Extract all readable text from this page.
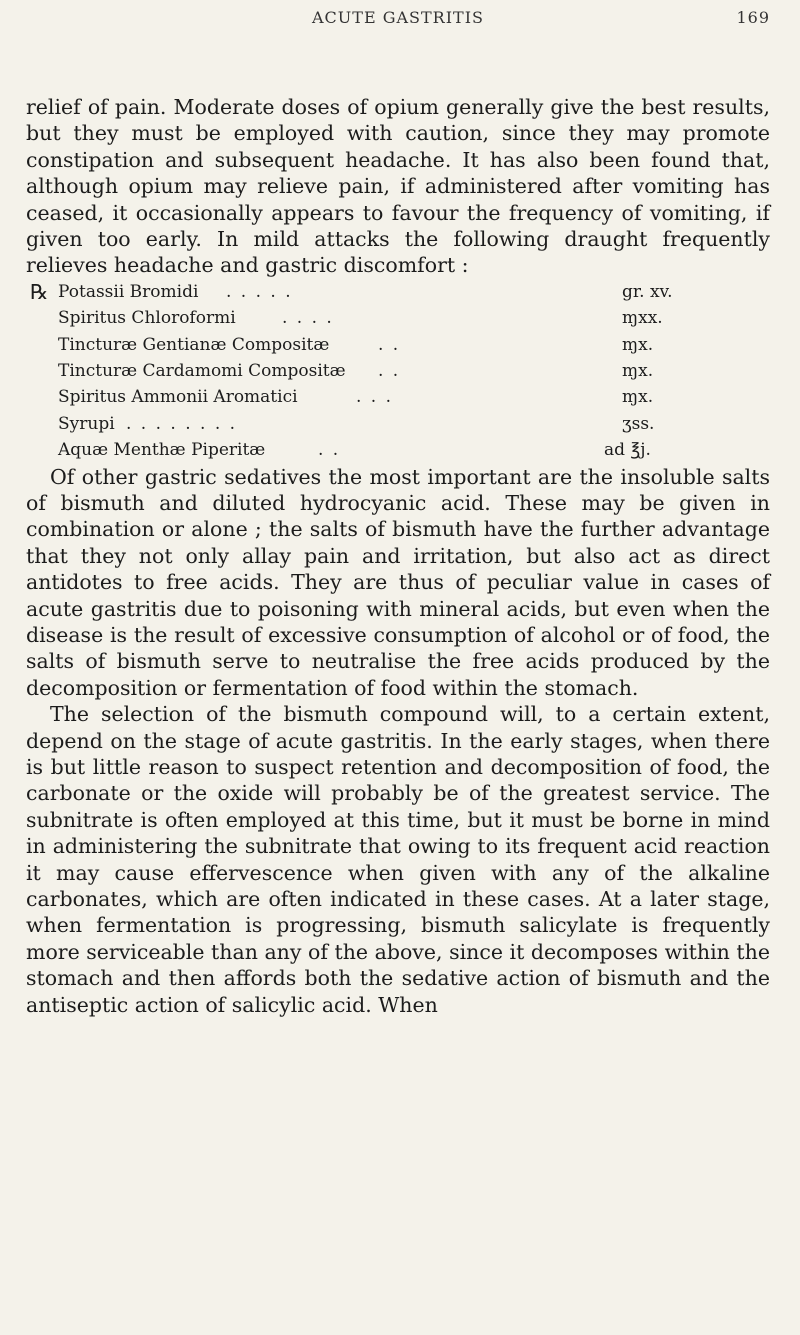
ACUTE GASTRITIS	169

relief of pain. Moderate doses of opium generally give the best results, but they must be employed with caution, since they may promote constipation and subsequent headache. It has also been found that, although opium may relieve pain, if administered after vomiting has ceased, it occasionally appears to favour the frequency of vomiting, if given too early. In mild attacks the following draught frequently relieves headache and gastric discomfort :

℞ Potassii Bromidi . . . . .	gr. xv.
Spiritus Chloroformi	. . . .	ɱxx.
Tincturæ Gentianæ Compositæ	. .	ɱx.
Tincturæ Cardamomi Compositæ . .	ɱx.
Spiritus Ammonii Aromatici	. . .	ɱx.
Syrupi . . . . . . . .	ʒss.
Aquæ Menthæ Piperitæ	. .	ad ℥j.

Of other gastric sedatives the most important are the insoluble salts of bismuth and diluted hydrocyanic acid. These may be given in combination or alone ; the salts of bismuth have the further advantage that they not only allay pain and irritation, but also act as direct antidotes to free acids. They are thus of peculiar value in cases of acute gastritis due to poisoning with mineral acids, but even when the disease is the result of excessive consumption of alcohol or of food, the salts of bismuth serve to neutralise the free acids produced by the decomposition or fermentation of food within the stomach.

The selection of the bismuth compound will, to a certain extent, depend on the stage of acute gastritis. In the early stages, when there is but little reason to suspect retention and decomposition of food, the carbonate or the oxide will probably be of the greatest service. The subnitrate is often employed at this time, but it must be borne in mind in administering the subnitrate that owing to its frequent acid reaction it may cause effervescence when given with any of the alkaline carbonates, which are often indicated in these cases. At a later stage, when fermentation is progressing, bismuth salicylate is frequently more serviceable than any of the above, since it decomposes within the stomach and then affords both the sedative action of bismuth and the antiseptic action of salicylic acid. When
